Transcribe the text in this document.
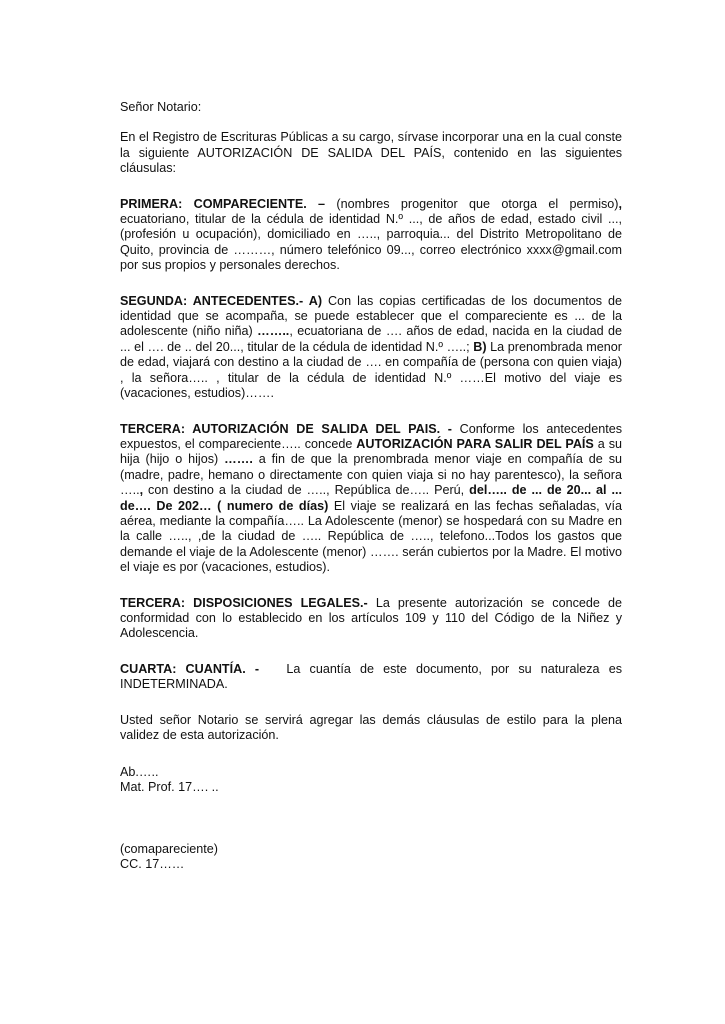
Señor Notario:

En el Registro de Escrituras Públicas a su cargo, sírvase incorporar una en la cual conste la siguiente AUTORIZACIÓN DE SALIDA DEL PAÍS, contenido en las siguientes cláusulas:

PRIMERA: COMPARECIENTE. – (nombres progenitor que otorga el permiso), ecuatoriano, titular de la cédula de identidad N.º ..., de años de edad, estado civil ..., (profesión u ocupación), domiciliado en ….., parroquia... del Distrito Metropolitano de Quito, provincia de ………, número telefónico 09..., correo electrónico xxxx@gmail.com por sus propios y personales derechos.

SEGUNDA: ANTECEDENTES.- A) Con las copias certificadas de los documentos de identidad que se acompaña, se puede establecer que el compareciente es ... de la adolescente (niño niña) …….., ecuatoriana de …. años de edad, nacida en la ciudad de ... el …. de .. del 20..., titular de la cédula de identidad N.º …..; B) La prenombrada menor de edad, viajará con destino a la ciudad de …. en compañía de (persona con quien viaja) , la señora….. , titular de la cédula de identidad N.º ……El motivo del viaje es (vacaciones, estudios)…….

TERCERA: AUTORIZACIÓN DE SALIDA DEL PAIS. - Conforme los antecedentes expuestos, el compareciente….. concede AUTORIZACIÓN PARA SALIR DEL PAÍS a su hija (hijo o hijos) ……. a fin de que la prenombrada menor viaje en compañía de su (madre, padre, hemano o directamente con quien viaja si no hay parentesco), la señora ….., con destino a la ciudad de ….., República de….. Perú, del….. de ... de 20... al ... de…. De 202… ( numero de días) El viaje se realizará en las fechas señaladas, vía aérea, mediante la compañía….. La Adolescente (menor) se hospedará con su Madre en la calle ….., ,de la ciudad de ….. República de ….., telefono...Todos los gastos que demande el viaje de la Adolescente (menor) ……. serán cubiertos por la Madre. El motivo el viaje es por (vacaciones, estudios).

TERCERA: DISPOSICIONES LEGALES.- La presente autorización se concede de conformidad con lo establecido en los artículos 109 y 110 del Código de la Niñez y Adolescencia.

CUARTA: CUANTÍA. -   La cuantía de este documento, por su naturaleza es INDETERMINADA.

Usted señor Notario se servirá agregar las demás cláusulas de estilo para la plena validez de esta autorización.

Ab.…..

Mat. Prof. 17…. ..

(comapareciente)

CC. 17……
